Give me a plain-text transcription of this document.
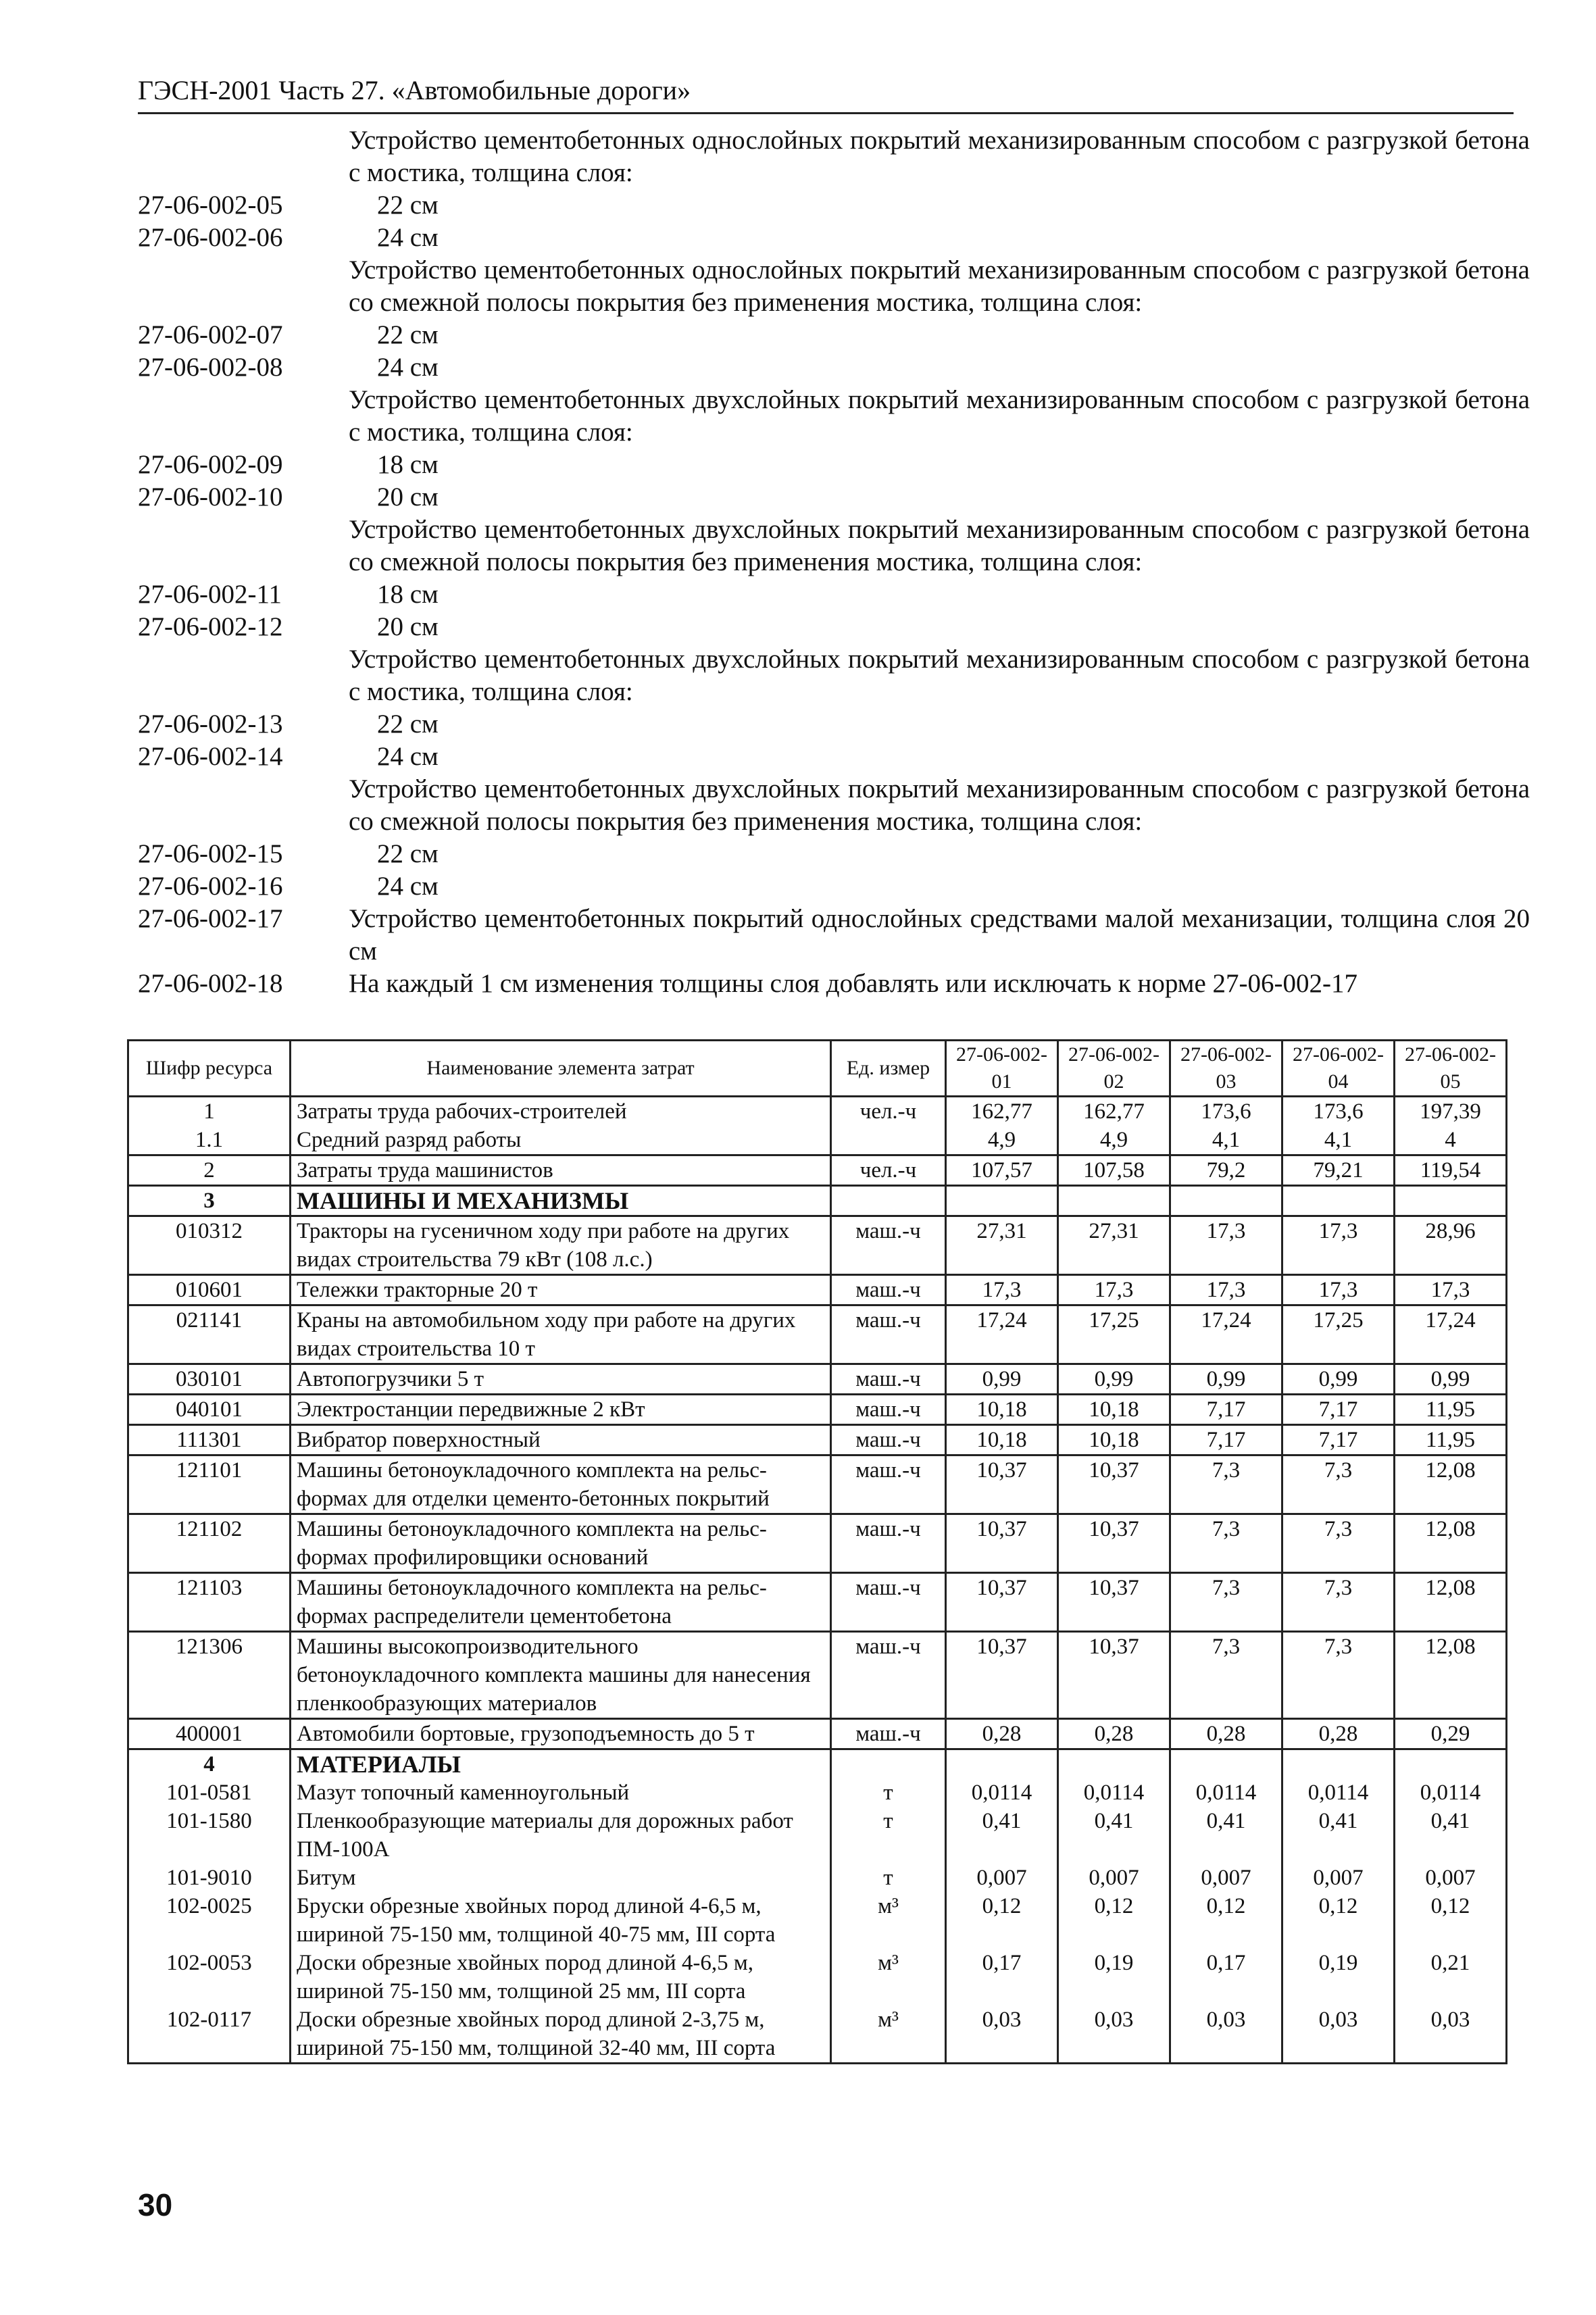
ГЭСН-2001 Часть 27. «Автомобильные дороги»
Устройство цементобетонных однослойных покрытий механизированным способом с разгрузкой бетона с мостика, толщина слоя:
27-06-002-05	22 см
27-06-002-06	24 см
Устройство цементобетонных однослойных покрытий механизированным способом с разгрузкой бетона со смежной полосы покрытия без применения мостика, толщина слоя:
27-06-002-07	22 см
27-06-002-08	24 см
Устройство цементобетонных двухслойных покрытий механизированным способом с разгрузкой бетона с мостика, толщина слоя:
27-06-002-09	18 см
27-06-002-10	20 см
Устройство цементобетонных двухслойных покрытий механизированным способом с разгрузкой бетона со смежной полосы покрытия без применения мостика, толщина слоя:
27-06-002-11	18 см
27-06-002-12	20 см
Устройство цементобетонных двухслойных покрытий механизированным способом с разгрузкой бетона с мостика, толщина слоя:
27-06-002-13	22 см
27-06-002-14	24 см
Устройство цементобетонных двухслойных покрытий механизированным способом с разгрузкой бетона со смежной полосы покрытия без применения мостика, толщина слоя:
27-06-002-15	22 см
27-06-002-16	24 см
27-06-002-17	Устройство цементобетонных покрытий однослойных средствами малой механизации, толщина слоя 20 см
27-06-002-18	На каждый 1 см изменения толщины слоя добавлять или исключать к норме 27-06-002-17
Шифр ресурса	Наименование элемента затрат	Ед. измер	27-06-002-01	27-06-002-02	27-06-002-03	27-06-002-04	27-06-002-05
1	Затраты труда рабочих-строителей	чел.-ч	162,77	162,77	173,6	173,6	197,39
1.1	Средний разряд работы		4,9	4,9	4,1	4,1	4
2	Затраты труда машинистов	чел.-ч	107,57	107,58	79,2	79,21	119,54
3	МАШИНЫ И МЕХАНИЗМЫ						
010312	Тракторы на гусеничном ходу при работе на других видах строительства 79 кВт (108 л.с.)	маш.-ч	27,31	27,31	17,3	17,3	28,96
010601	Тележки тракторные 20 т	маш.-ч	17,3	17,3	17,3	17,3	17,3
021141	Краны на автомобильном ходу при работе на других видах строительства 10 т	маш.-ч	17,24	17,25	17,24	17,25	17,24
030101	Автопогрузчики 5 т	маш.-ч	0,99	0,99	0,99	0,99	0,99
040101	Электростанции передвижные 2 кВт	маш.-ч	10,18	10,18	7,17	7,17	11,95
111301	Вибратор поверхностный	маш.-ч	10,18	10,18	7,17	7,17	11,95
121101	Машины бетоноукладочного комплекта на рельс-формах для отделки цементо-бетонных покрытий	маш.-ч	10,37	10,37	7,3	7,3	12,08
121102	Машины бетоноукладочного комплекта на рельс-формах профилировщики оснований	маш.-ч	10,37	10,37	7,3	7,3	12,08
121103	Машины бетоноукладочного комплекта на рельс-формах распределители цементобетона	маш.-ч	10,37	10,37	7,3	7,3	12,08
121306	Машины высокопроизводительного бетоноукладочного комплекта машины для нанесения пленкообразующих материалов	маш.-ч	10,37	10,37	7,3	7,3	12,08
400001	Автомобили бортовые, грузоподъемность до 5 т	маш.-ч	0,28	0,28	0,28	0,28	0,29
4	МАТЕРИАЛЫ						
101-0581	Мазут топочный каменноугольный	т	0,0114	0,0114	0,0114	0,0114	0,0114
101-1580	Пленкообразующие материалы для дорожных работ ПМ-100А	т	0,41	0,41	0,41	0,41	0,41
101-9010	Битум	т	0,007	0,007	0,007	0,007	0,007
102-0025	Бруски обрезные хвойных пород длиной 4-6,5 м, шириной 75-150 мм, толщиной 40-75 мм, III сорта	м³	0,12	0,12	0,12	0,12	0,12
102-0053	Доски обрезные хвойных пород длиной 4-6,5 м, шириной 75-150 мм, толщиной 25 мм, III сорта	м³	0,17	0,19	0,17	0,19	0,21
102-0117	Доски обрезные хвойных пород длиной 2-3,75 м, шириной 75-150 мм, толщиной 32-40 мм, III сорта	м³	0,03	0,03	0,03	0,03	0,03
30
